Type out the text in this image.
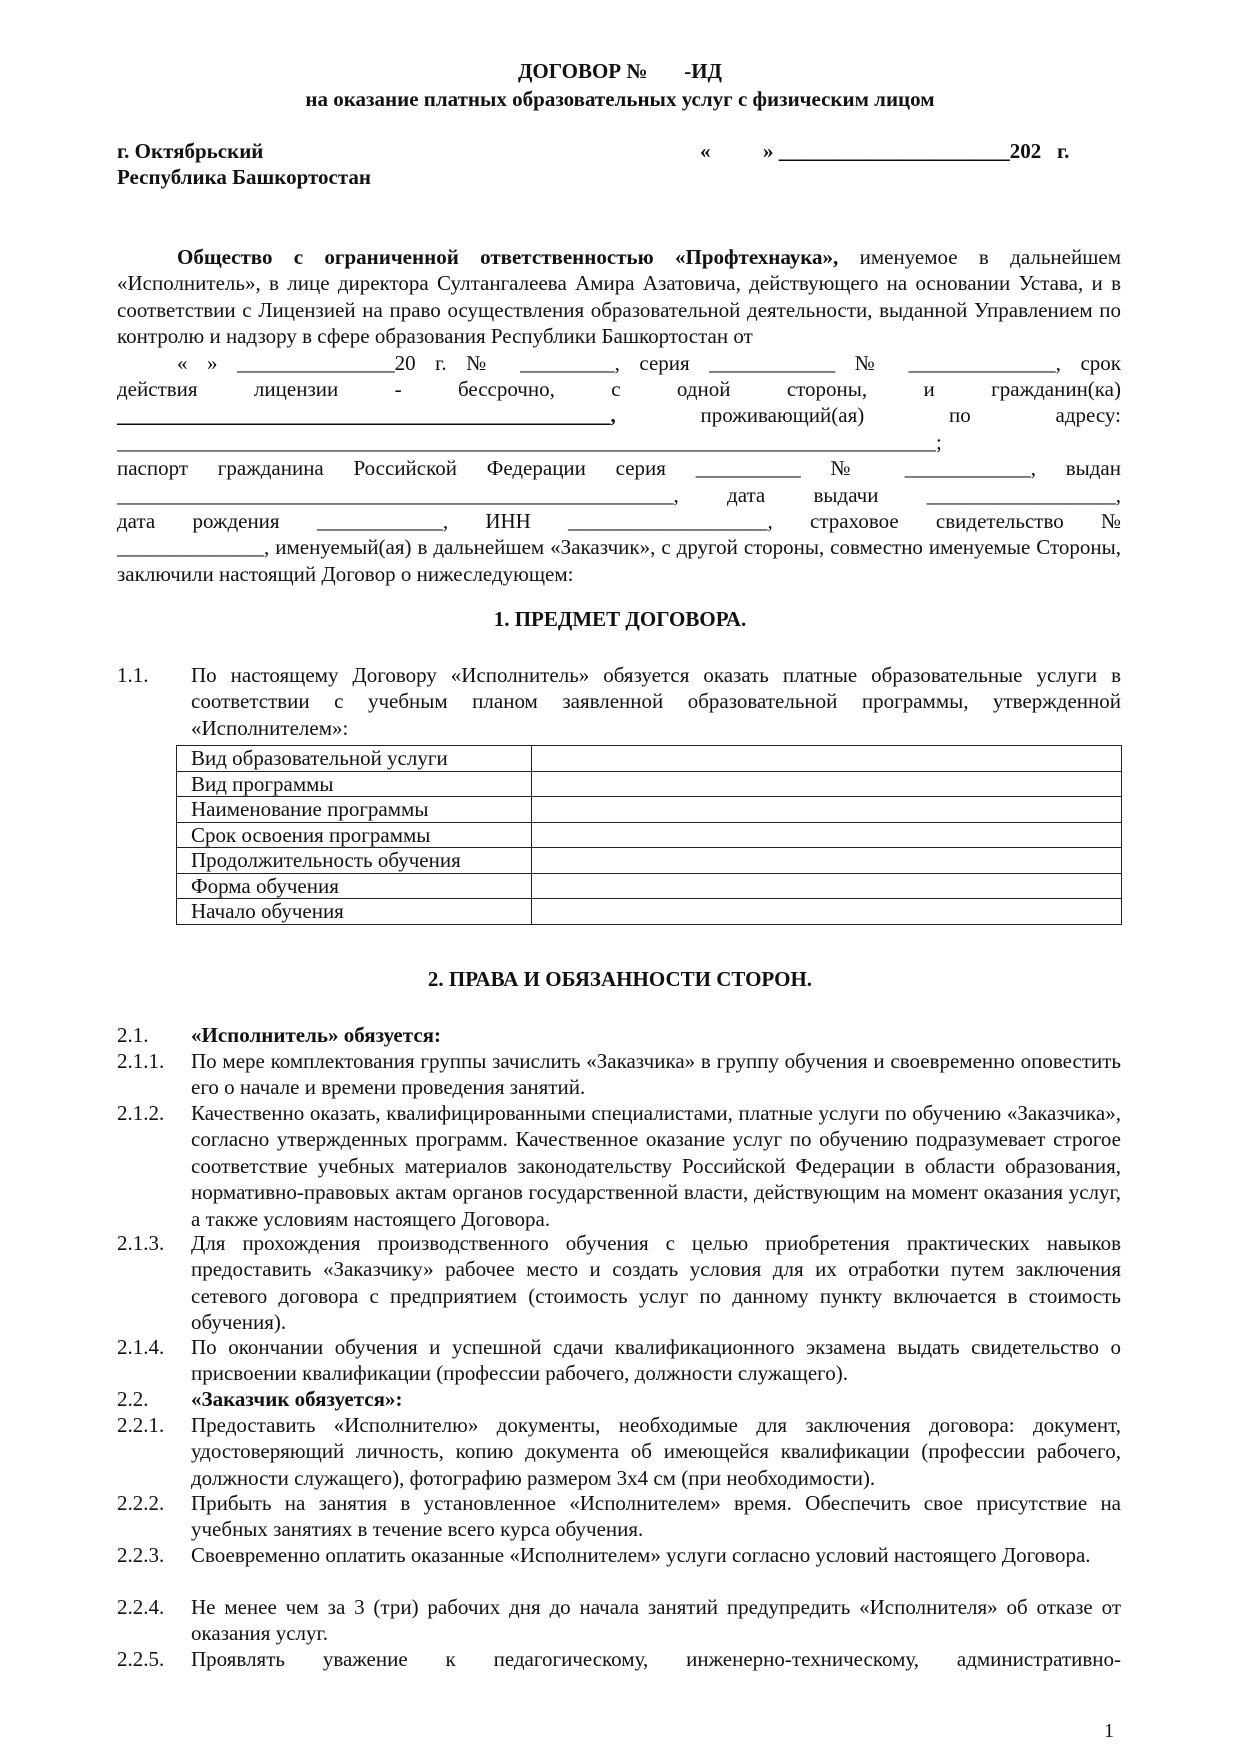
ДОГОВОР №       -ИД
на оказание платных образовательных услуг с физическим лицом
г. Октябрьский
Республика Башкортостан
«          » ______________________202   г.

Общество с ограниченной ответственностью «Профтехнаука», именуемое в дальнейшем «Исполнитель», в лице директора Султангалеева Амира Азатовича, действующего на основании Устава, и в соответствии с Лицензией на право осуществления образовательной деятельности, выданной Управлением по контролю и надзору в сфере образования Республики Башкортостан от

« » _______________20 г. № _________, серия ____________ № ______________, срок

действия лицензии - бессрочно, с одной стороны, и гражданин(ка)

_______________________________________________, проживающий(ая) по адресу:

______________________________________________________________________________;

паспорт гражданина Российской Федерации серия __________ № ____________, выдан

_____________________________________________________, дата выдачи __________________,

дата рождения ____________, ИНН ___________________, страховое свидетельство №

______________, именуемый(ая) в дальнейшем «Заказчик», с другой стороны, совместно именуемые Стороны, заключили настоящий Договор о нижеследующем:

1. ПРЕДМЕТ ДОГОВОРА.
1.1.	По настоящему Договору «Исполнитель» обязуется оказать платные образовательные услуги в соответствии с учебным планом заявленной образовательной программы, утвержденной «Исполнителем»:
Вид образовательной услуги	
Вид программы	
Наименование программы	
Срок освоения программы	
Продолжительность обучения	
Форма обучения	
Начало обучения	
2. ПРАВА И ОБЯЗАННОСТИ СТОРОН.
2.1.	«Исполнитель» обязуется:
2.1.1.	По мере комплектования группы зачислить «Заказчика» в группу обучения и своевременно оповестить его о начале и времени проведения занятий.
2.1.2.	Качественно оказать, квалифицированными специалистами, платные услуги по обучению «Заказчика», согласно утвержденных программ. Качественное оказание услуг по обучению подразумевает строгое соответствие учебных материалов законодательству Российской Федерации в области образования, нормативно-правовых актам органов государственной власти, действующим на момент оказания услуг, а также условиям настоящего Договора.
2.1.3.	Для прохождения производственного обучения с целью приобретения практических навыков предоставить «Заказчику» рабочее место и создать условия для их отработки путем заключения сетевого договора с предприятием (стоимость услуг по данному пункту включается в стоимость обучения).
2.1.4.	По окончании обучения и успешной сдачи квалификационного экзамена выдать свидетельство о присвоении квалификации (профессии рабочего, должности служащего).
2.2.	«Заказчик обязуется»:
2.2.1.	Предоставить «Исполнителю» документы, необходимые для заключения договора: документ, удостоверяющий личность, копию документа об имеющейся квалификации (профессии рабочего, должности служащего), фотографию размером 3х4 см (при необходимости).
2.2.2.	Прибыть на занятия в установленное «Исполнителем» время. Обеспечить свое присутствие на учебных занятиях в течение всего курса обучения.
2.2.3.	Своевременно оплатить оказанные «Исполнителем» услуги согласно условий настоящего Договора.
2.2.4.	Не менее чем за 3 (три) рабочих дня до начала занятий предупредить «Исполнителя» об отказе от оказания услуг.
2.2.5.	Проявлять уважение к педагогическому, инженерно-техническому, административно-
1
